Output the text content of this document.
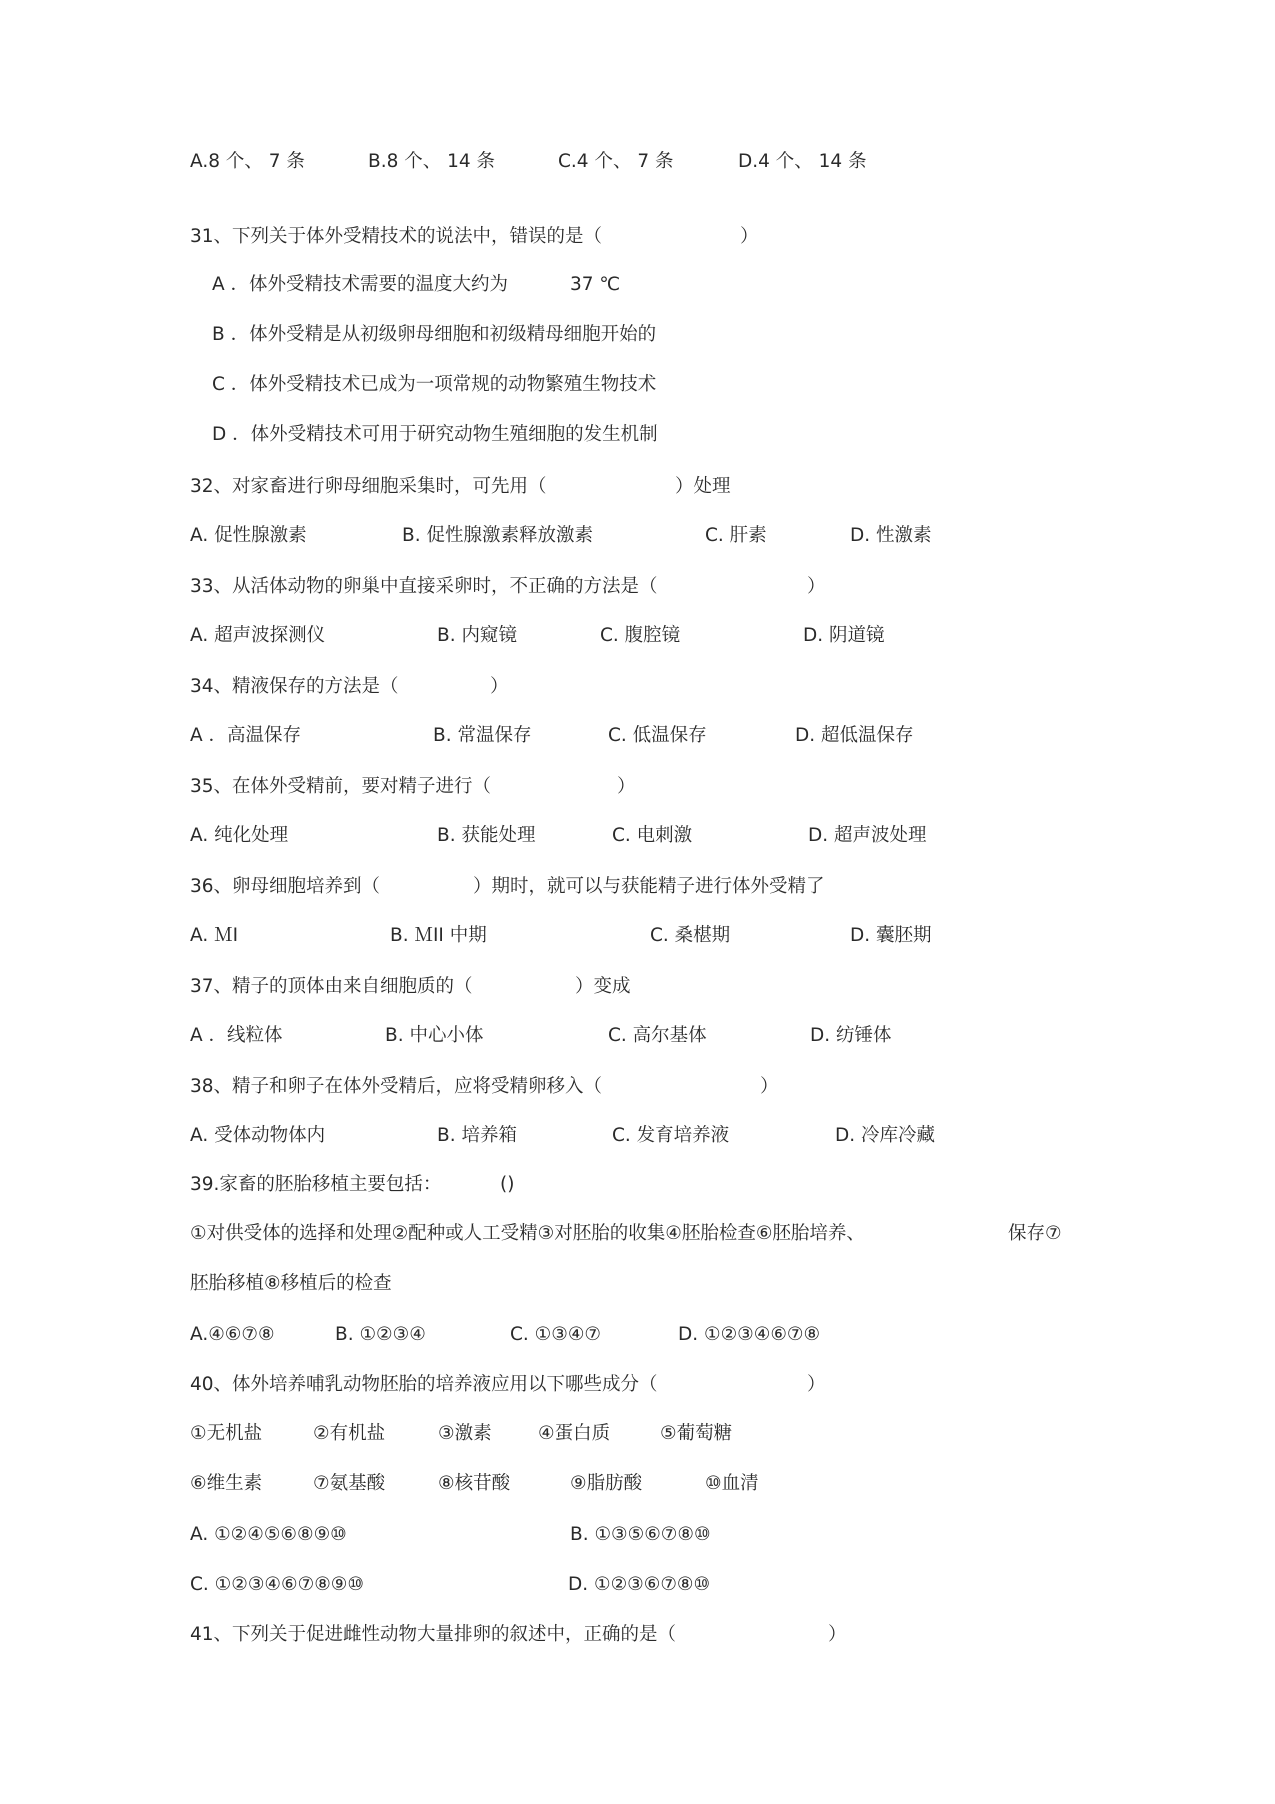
A.8 个、 7 条	B.8 个、 14 条	C.4 个、 7 条	D.4 个、 14 条
31、下列关于体外受精技术的说法中，错误的是（	）
A ．体外受精技术需要的温度大约为	37 ℃
B ．体外受精是从初级卵母细胞和初级精母细胞开始的
C ．体外受精技术已成为一项常规的动物繁殖生物技术
D ．体外受精技术可用于研究动物生殖细胞的发生机制
32、对家畜进行卵母细胞采集时，可先用（	）处理
A. 促性腺激素	B. 促性腺激素释放激素	C. 肝素	D. 性激素
33、从活体动物的卵巢中直接采卵时，不正确的方法是（	）
A. 超声波探测仪	B. 内窥镜	C. 腹腔镜	D. 阴道镜
34、精液保存的方法是（	）
A ．高温保存	B. 常温保存	C. 低温保存	D. 超低温保存
35、在体外受精前，要对精子进行（	）
A. 纯化处理	B. 获能处理	C. 电刺激	D. 超声波处理
36、卵母细胞培养到（	）期时，就可以与获能精子进行体外受精了
A. ＭⅠ	B. ＭⅠⅠ 中期	C. 桑椹期	D. 囊胚期
37、精子的顶体由来自细胞质的（	）变成
A ．线粒体	B. 中心小体	C. 高尔基体	D. 纺锤体
38、精子和卵子在体外受精后，应将受精卵移入（	）
A. 受体动物体内	B. 培养箱	C. 发育培养液	D. 冷库冷藏
39.家畜的胚胎移植主要包括：	()
①对供受体的选择和处理②配种或人工受精③对胚胎的收集④胚胎检查⑥胚胎培养、	保存⑦
胚胎移植⑧移植后的检查
A.④⑥⑦⑧	B. ①②③④	C. ①③④⑦	D. ①②③④⑥⑦⑧
40、体外培养哺乳动物胚胎的培养液应用以下哪些成分（	）
①无机盐	②有机盐	③激素	④蛋白质	⑤葡萄糖
⑥维生素	⑦氨基酸	⑧核苷酸	⑨脂肪酸	⑩血清
A. ①②④⑤⑥⑧⑨⑩	B. ①③⑤⑥⑦⑧⑩
C. ①②③④⑥⑦⑧⑨⑩	D. ①②③⑥⑦⑧⑩
41、下列关于促进雌性动物大量排卵的叙述中，正确的是（	）
